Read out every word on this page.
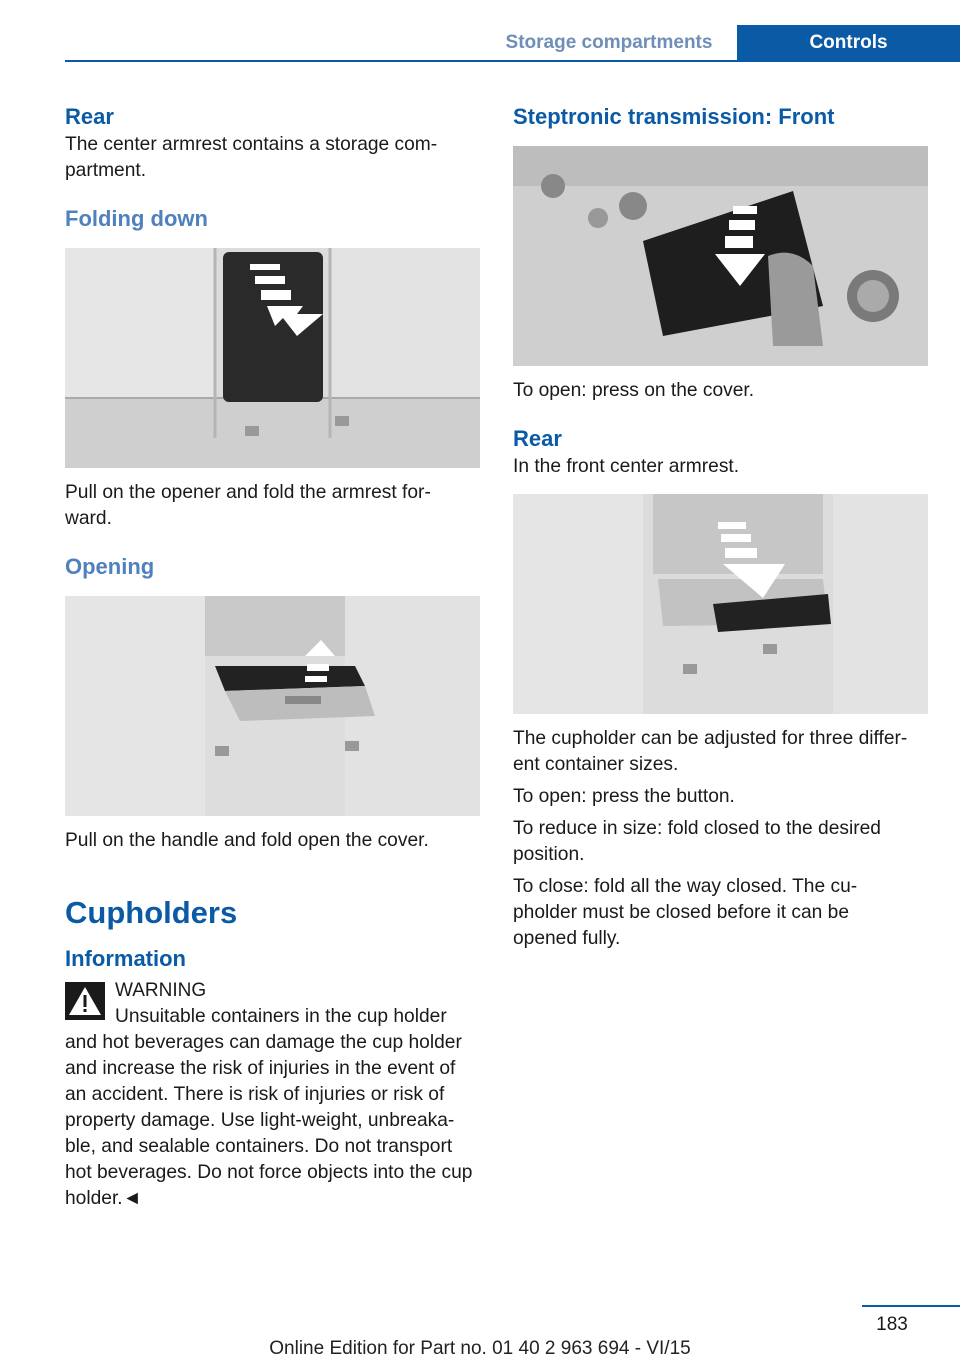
Storage compartments	Controls
Rear

The center armrest contains a storage com-partment.

Folding down

Pull on the opener and fold the armrest for-ward.

Opening

Pull on the handle and fold open the cover.

Cupholders
Information
WARNING

Unsuitable containers in the cup holder and hot beverages can damage the cup holder and increase the risk of injuries in the event of an accident. There is risk of injuries or risk of property damage. Use light-weight, unbreaka-ble, and sealable containers. Do not transport hot beverages. Do not force objects into the cup holder.◄

Steptronic transmission: Front

To open: press on the cover.

Rear

In the front center armrest.

The cupholder can be adjusted for three differ-ent container sizes.

To open: press the button.

To reduce in size: fold closed to the desired position.

To close: fold all the way closed. The cu-pholder must be closed before it can be opened fully.

183
Online Edition for Part no. 01 40 2 963 694 - VI/15
